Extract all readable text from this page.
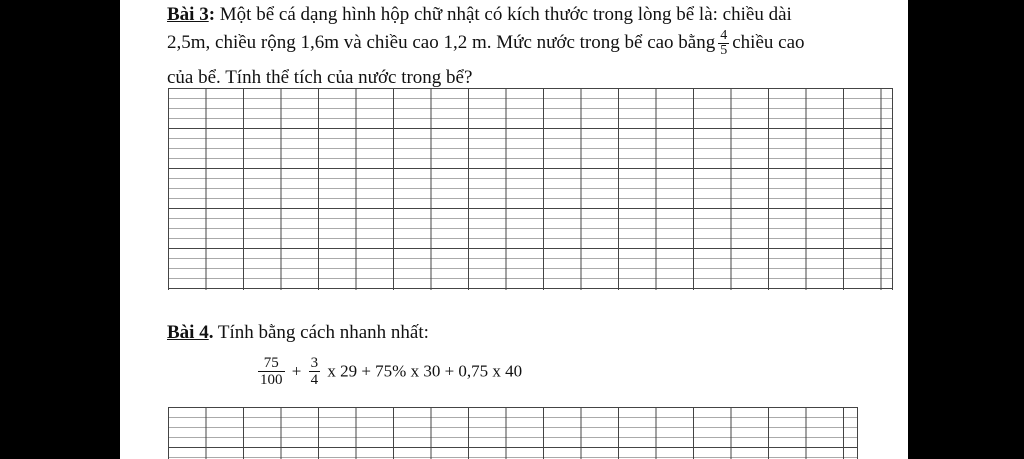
Bài 3: Một bể cá dạng hình hộp chữ nhật có kích thước trong lòng bể là: chiều dài

2,5m, chiều rộng 1,6m và chiều cao 1,2 m. Mức nước trong bể cao bằng $\frac{4}{5}$ chiều cao

của bể. Tính thể tích của nước trong bể?

Bài 4. Tính bằng cách nhanh nhất:

$\frac{75}{100} + \frac{3}{4}$ x 29 + 75% x 30 + 0,75 x 40
